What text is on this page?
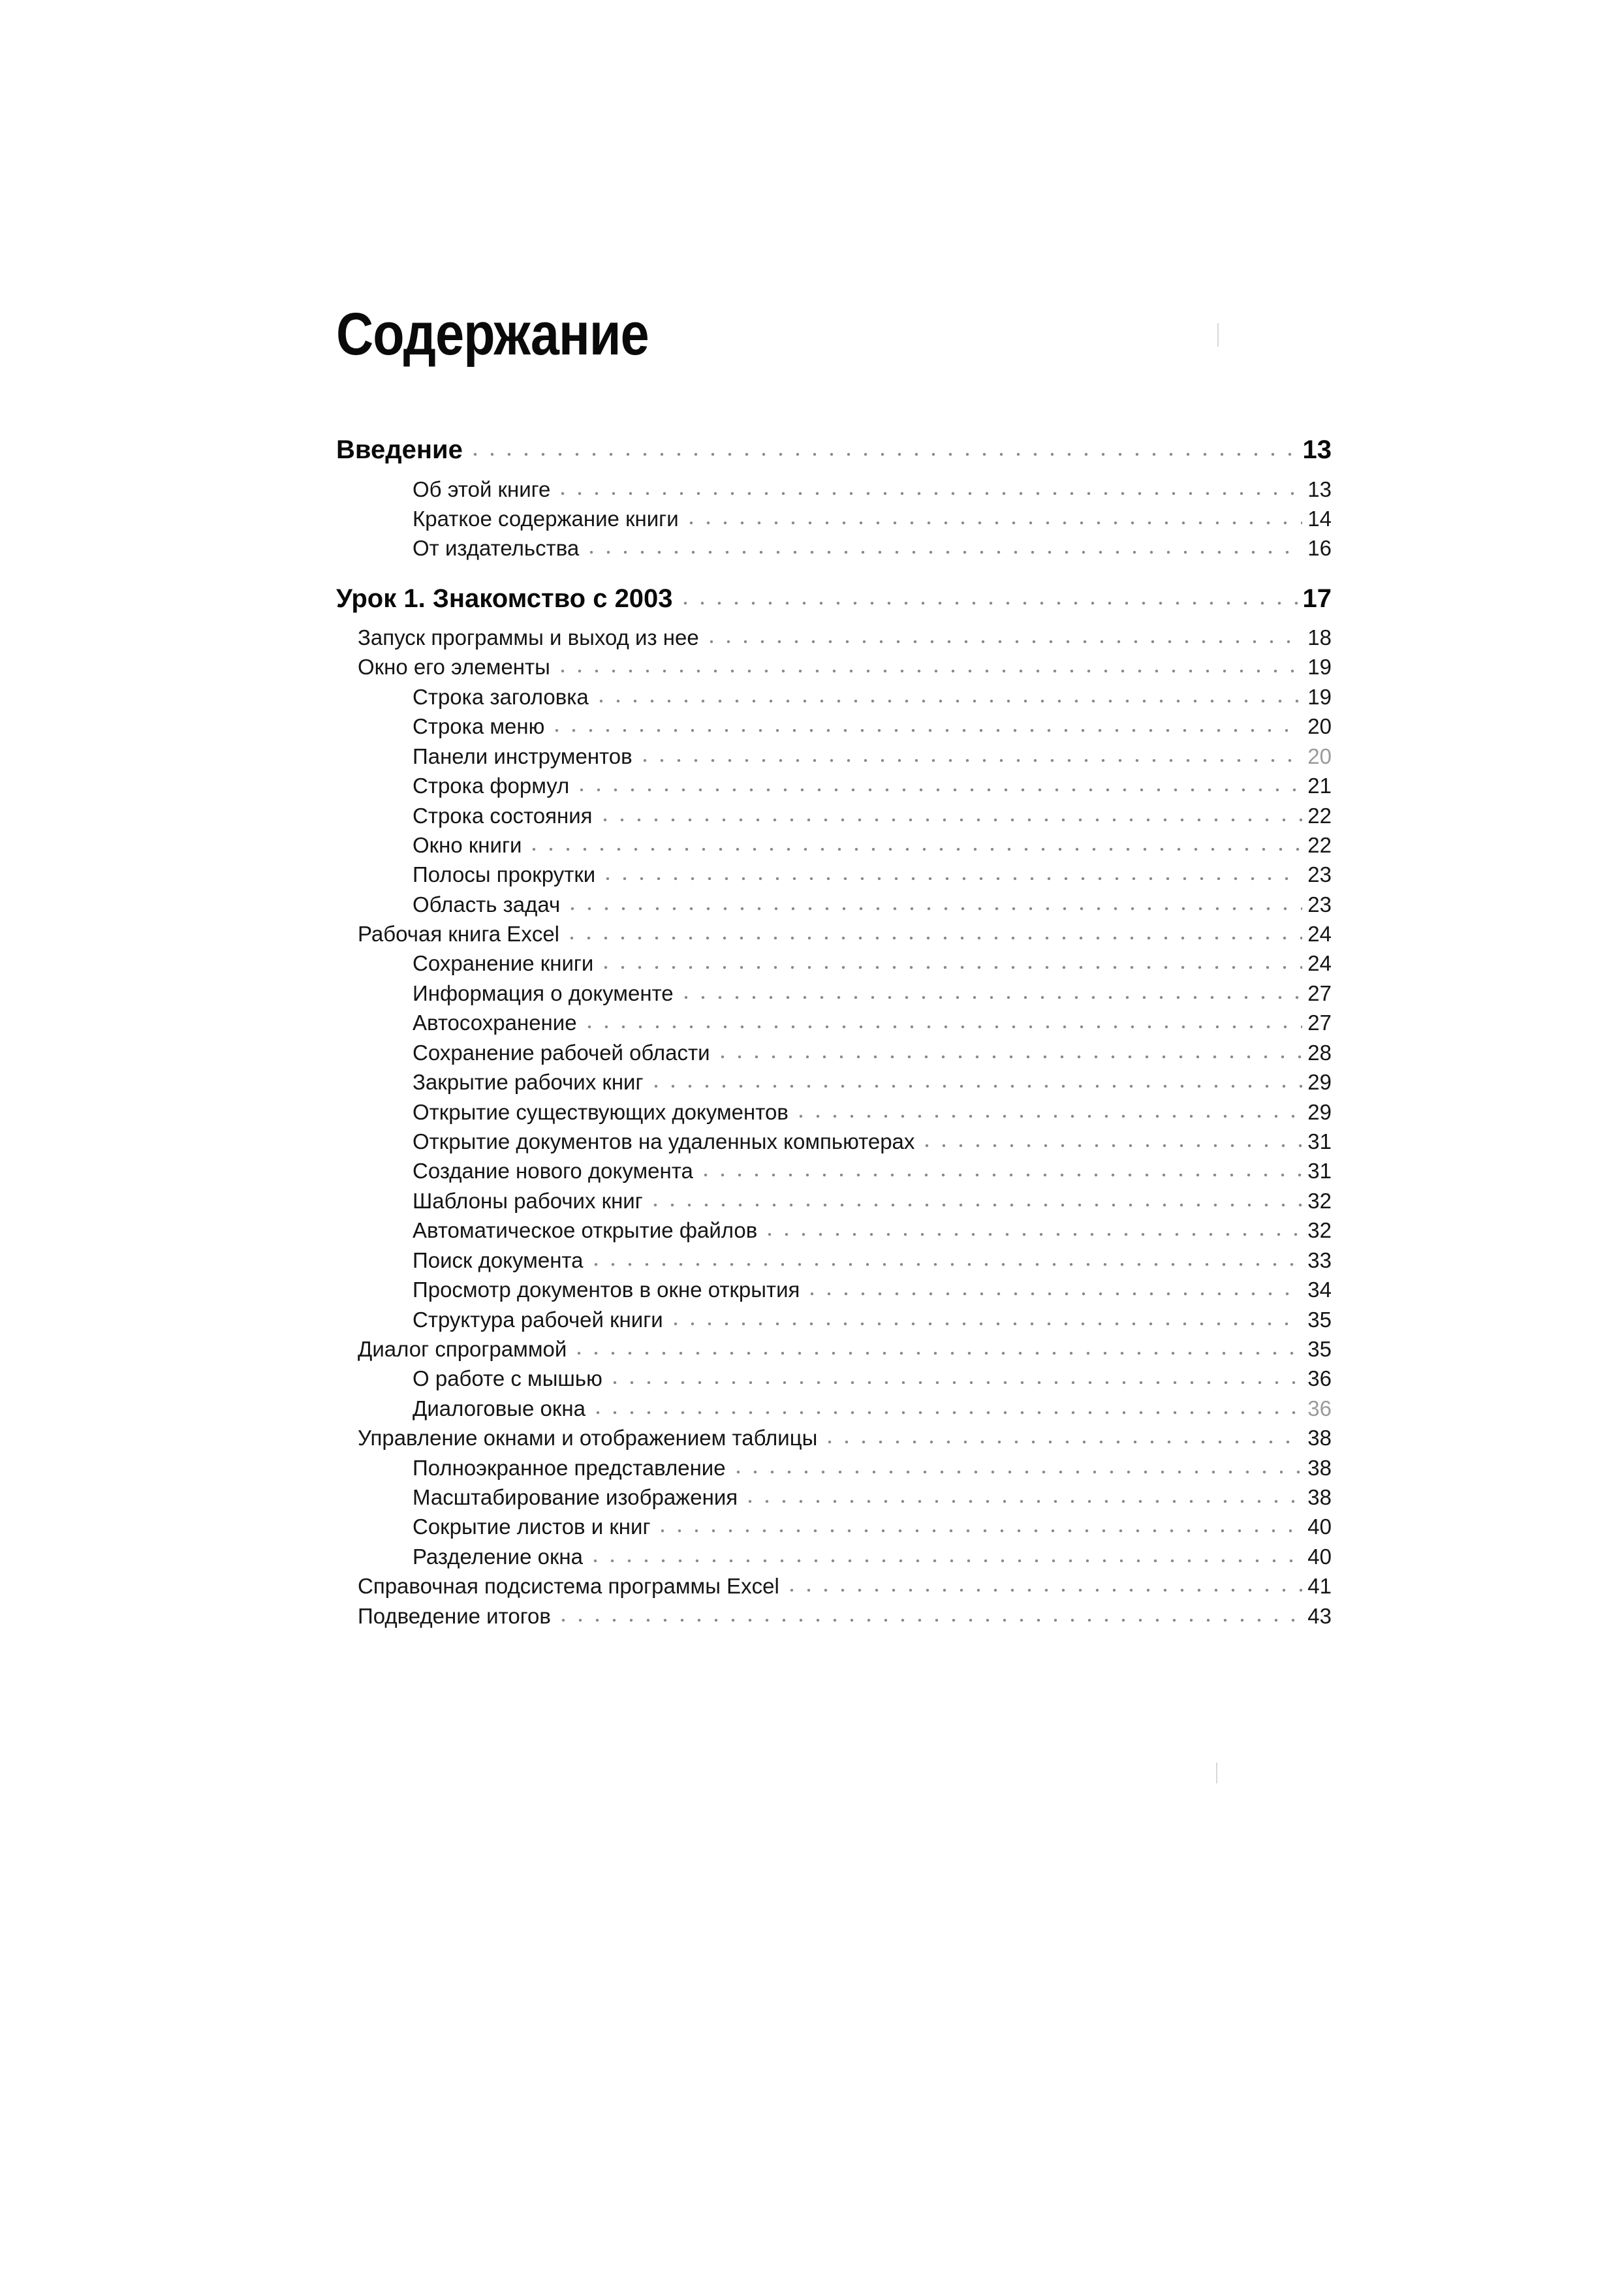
Содержание
Введение	13
Об этой книге	13
Краткое содержание книги	14
От издательства	16
Урок 1. Знакомство с 2003	17
Запуск программы и выход из нее	18
Окно его элементы	19
Строка заголовка	19
Строка меню	20
Панели инструментов	20
Строка формул	21
Строка состояния	22
Окно книги	22
Полосы прокрутки	23
Область задач	23
Рабочая книга Excel	24
Сохранение книги	24
Информация о документе	27
Автосохранение	27
Сохранение рабочей области	28
Закрытие рабочих книг	29
Открытие существующих документов	29
Открытие документов на удаленных компьютерах	31
Создание нового документа	31
Шаблоны рабочих книг	32
Автоматическое открытие файлов	32
Поиск документа	33
Просмотр документов в окне открытия	34
Структура рабочей книги	35
Диалог спрограммой	35
О работе с мышью	36
Диалоговые окна	36
Управление окнами и отображением таблицы	38
Полноэкранное представление	38
Масштабирование изображения	38
Сокрытие листов и книг	40
Разделение окна	40
Справочная подсистема программы Excel	41
Подведение итогов	43
